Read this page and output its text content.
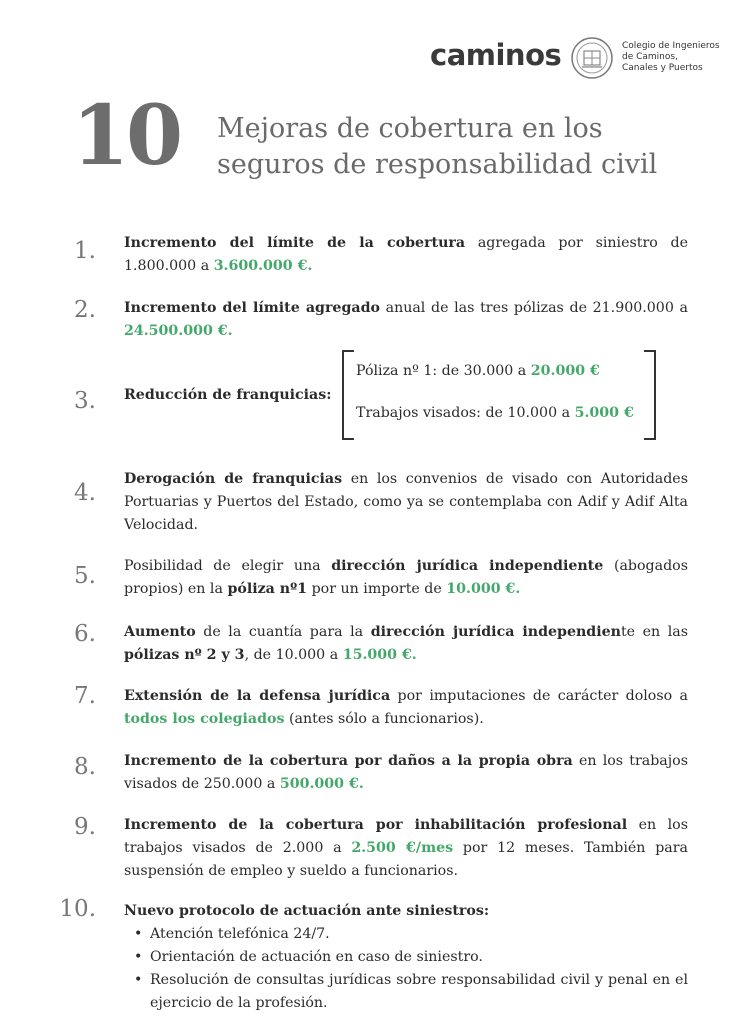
caminos	Colegio de Ingenieros
de Caminos,
Canales y Puertos
10 Mejoras de cobertura en los
seguros de responsabilidad civil
1. Incremento del límite de la cobertura agregada por siniestro de 1.800.000 a 3.600.000 €.
2. Incremento del límite agregado anual de las tres pólizas de 21.900.000 a 24.500.000 €.
3. Reducción de franquicias:
Póliza nº 1: de 30.000 a 20.000 €
Trabajos visados: de 10.000 a 5.000 €
4.
Derogación de franquicias en los convenios de visado con Autoridades Portuarias y Puertos del Estado, como ya se contemplaba con Adif y Adif Alta Velocidad.
5. Posibilidad de elegir una dirección jurídica independiente (abogados propios) en la póliza nº1 por un importe de 10.000 €.
6. Aumento de la cuantía para la dirección jurídica independiente en las pólizas nº 2 y 3, de 10.000 a 15.000 €.
7. Extensión de la defensa jurídica por imputaciones de carácter doloso a todos los colegiados (antes sólo a funcionarios).
8. Incremento de la cobertura por daños a la propia obra en los trabajos visados de 250.000 a 500.000 €.
9. Incremento de la cobertura por inhabilitación profesional en los trabajos visados de 2.000 a 2.500 €/mes por 12 meses. También para suspensión de empleo y sueldo a funcionarios.
10. Nuevo protocolo de actuación ante siniestros:
• Atención telefónica 24/7.
• Orientación de actuación en caso de siniestro.
• Resolución de consultas jurídicas sobre responsabilidad civil y penal en el ejercicio de la profesión.
